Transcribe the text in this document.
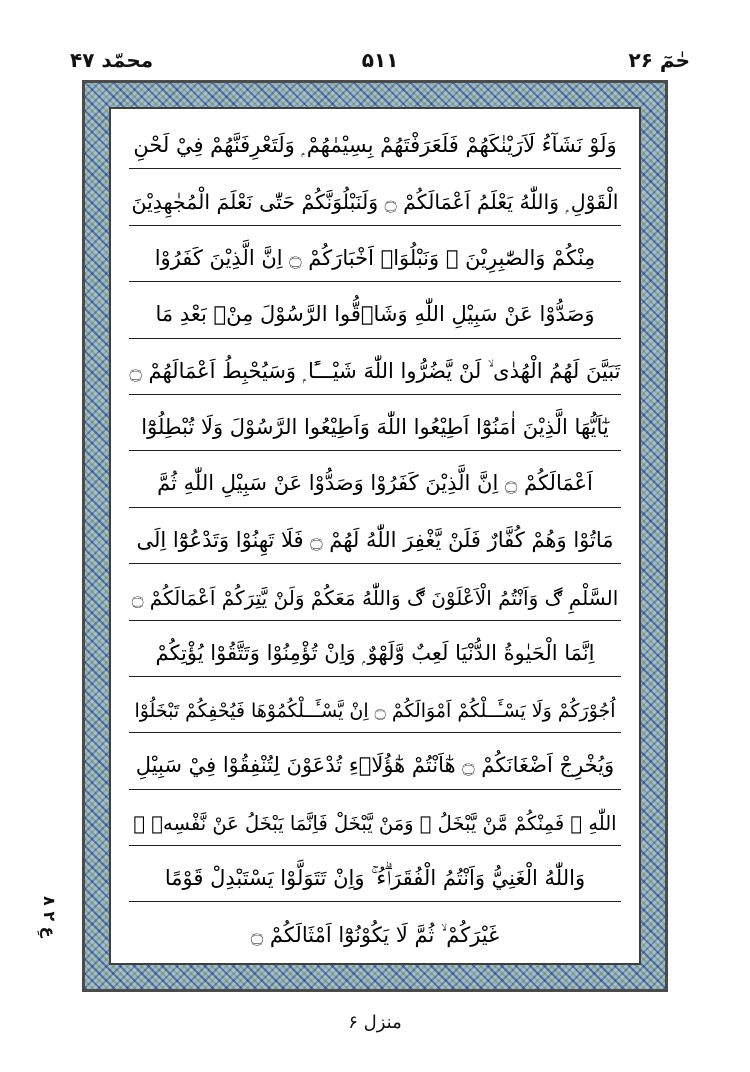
حٰمٓ ۲۶
۵۱۱
محمّد ۴۷
وَلَوْ نَشَآءُ لَاَرَيْنٰكَهُمْ فَلَعَرَفْتَهُمْ بِسِيْمٰهُمْ ۭ وَلَتَعْرِفَنَّهُمْ فِيْ لَحْنِ
الْقَوْلِ ۭ وَاللّٰهُ يَعْلَمُ اَعْمَالَكُمْ ۝ وَلَنَبْلُوَنَّكُمْ حَتّٰى نَعْلَمَ الْمُجٰهِدِيْنَ
مِنْكُمْ وَالصّٰبِرِيْنَ ۙ وَنَبْلُوَا۟ اَخْبَارَكُمْ ۝ اِنَّ الَّذِيْنَ كَفَرُوْا
وَصَدُّوْا عَنْ سَبِيْلِ اللّٰهِ وَشَاۗقُّوا الرَّسُوْلَ مِنْۢ بَعْدِ مَا
تَبَيَّنَ لَهُمُ الْهُدٰى ۙ لَنْ يَّضُرُّوا اللّٰهَ شَيْـــًٔا ۭ وَسَيُحْبِطُ اَعْمَالَهُمْ ۝
يٰٓاَيُّهَا الَّذِيْنَ اٰمَنُوْٓا اَطِيْعُوا اللّٰهَ وَاَطِيْعُوا الرَّسُوْلَ وَلَا تُبْطِلُوْٓا
اَعْمَالَكُمْ ۝ اِنَّ الَّذِيْنَ كَفَرُوْا وَصَدُّوْا عَنْ سَبِيْلِ اللّٰهِ ثُمَّ
مَاتُوْا وَهُمْ كُفَّارٌ فَلَنْ يَّغْفِرَ اللّٰهُ لَهُمْ ۝ فَلَا تَهِنُوْا وَتَدْعُوْٓا اِلَى
السَّلْمِ ڰ وَاَنْتُمُ الْاَعْلَوْنَ ڰ وَاللّٰهُ مَعَكُمْ وَلَنْ يَّتِرَكُمْ اَعْمَالَكُمْ ۝
اِنَّمَا الْحَيٰوةُ الدُّنْيَا لَعِبٌ وَّلَهْوٌ ۭ وَاِنْ تُؤْمِنُوْا وَتَتَّقُوْا يُؤْتِكُمْ
اُجُوْرَكُمْ وَلَا يَسْـَٔــلْكُمْ اَمْوَالَكُمْ ۝ اِنْ يَّسْـَٔــلْكُمُوْهَا فَيُحْفِكُمْ تَبْخَلُوْا
وَيُخْرِجْ اَضْغَانَكُمْ ۝ هٰٓاَنْتُمْ هٰٓؤُلَاۗءِ تُدْعَوْنَ لِتُنْفِقُوْا فِيْ سَبِيْلِ
اللّٰهِ ۚ فَمِنْكُمْ مَّنْ يَّبْخَلُ ۚ وَمَنْ يَّبْخَلْ فَاِنَّمَا يَبْخَلُ عَنْ نَّفْسِهٖ ۭ
وَاللّٰهُ الْغَنِيُّ وَاَنْتُمُ الْفُقَرَاۗءُ ۚ وَاِنْ تَتَوَلَّوْا يَسْتَبْدِلْ قَوْمًا
غَيْرَكُمْ ۙ ثُمَّ لَا يَكُوْنُوْٓا اَمْثَالَكُمْ ۝
عِ ۲ ۸
منزل ۶
